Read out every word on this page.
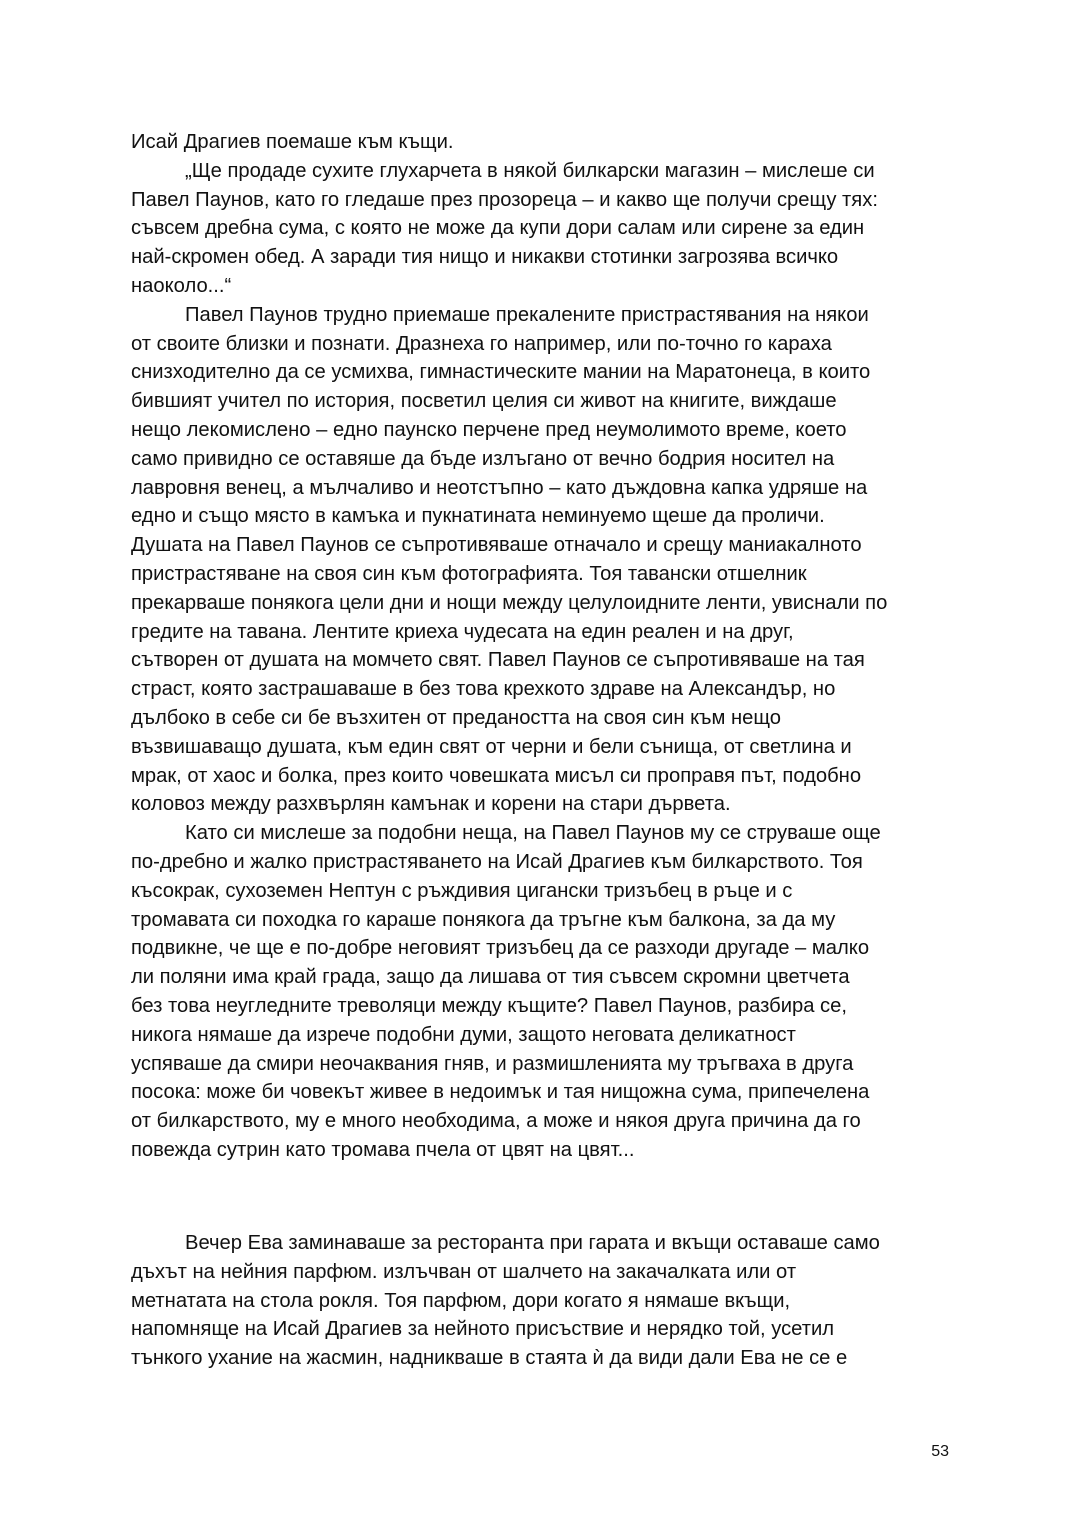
Исай Драгиев поемаше към къщи.
„Ще продаде сухите глухарчета в някой билкарски магазин – мислеше си
Павел Паунов, като го гледаше през прозореца – и какво ще получи срещу тях:
съвсем дребна сума, с която не може да купи дори салам или сирене за един
най-скромен обед. А заради тия нищо и никакви стотинки загрозява всичко
наоколо...“
Павел Паунов трудно приемаше прекалените пристрастявания на някои
от своите близки и познати. Дразнеха го например, или по-точно го караха
снизходително да се усмихва, гимнастическите мании на Маратонеца, в които
бившият учител по история, посветил целия си живот на книгите, виждаше
нещо лекомислено – едно паунско перчене пред неумолимото време, което
само привидно се оставяше да бъде излъгано от вечно бодрия носител на
лавровня венец, а мълчаливо и неотстъпно – като дъждовна капка удряше на
едно и също място в камъка и пукнатината неминуемо щеше да проличи.
Душата на Павел Паунов се съпротивяваше отначало и срещу маниакалното
пристрастяване на своя син към фотографията. Тоя тавански отшелник
прекарваше понякога цели дни и нощи между целулоидните ленти, увиснали по
гредите на тавана. Лентите криеха чудесата на един реален и на друг,
сътворен от душата на момчето свят. Павел Паунов се съпротивяваше на тая
страст, която застрашаваше в без това крехкото здраве на Александър, но
дълбоко в себе си бе възхитен от предаността на своя син към нещо
възвишаващо душата, към един свят от черни и бели сънища, от светлина и
мрак, от хаос и болка, през които човешката мисъл си проправя път, подобно
коловоз между разхвърлян камънак и корени на стари дървета.
Като си мислеше за подобни неща, на Павел Паунов му се струваше още
по-дребно и жалко пристрастяването на Исай Драгиев към билкарството. Тоя
късокрак, сухоземен Нептун с ръждивия цигански тризъбец в ръце и с
тромавата си походка го караше понякога да тръгне към балкона, за да му
подвикне, че ще е по-добре неговият тризъбец да се разходи другаде – малко
ли поляни има край града, защо да лишава от тия съвсем скромни цветчета
без това неугледните треволяци между къщите? Павел Паунов, разбира се,
никога нямаше да изрече подобни думи, защото неговата деликатност
успяваше да смири неочаквания гняв, и размишленията му тръгваха в друга
посока: може би човекът живее в недоимък и тая нищожна сума, припечелена
от билкарството, му е много необходима, а може и някоя друга причина да го
повежда сутрин като тромава пчела от цвят на цвят...
Вечер Ева заминаваше за ресторанта при гарата и вкъщи оставаше само
дъхът на нейния парфюм. излъчван от шалчето на закачалката или от
метнатата на стола рокля. Тоя парфюм, дори когато я нямаше вкъщи,
напомняще на Исай Драгиев за нейното присъствие и нерядко той, усетил
тънкого ухание на жасмин, надникваше в стаята ѝ да види дали Ева не се е
53
